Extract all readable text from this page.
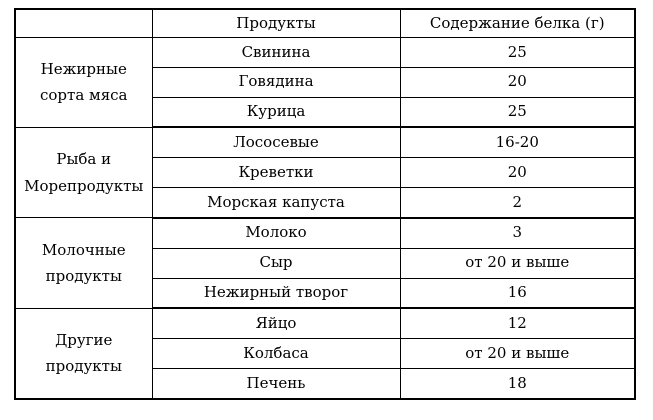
	Продукты	Содержание белка (г)
Нежирные
сорта мяса	Свинина	25
	Говядина	20
	Курица	25
Рыба и
Морепродукты	Лососевые	16-20
	Креветки	20
	Морская капуста	2
Молочные
продукты	Молоко	3
	Сыр	от 20 и выше
	Нежирный творог	16
Другие
продукты	Яйцо	12
	Колбаса	от 20 и выше
	Печень	18
